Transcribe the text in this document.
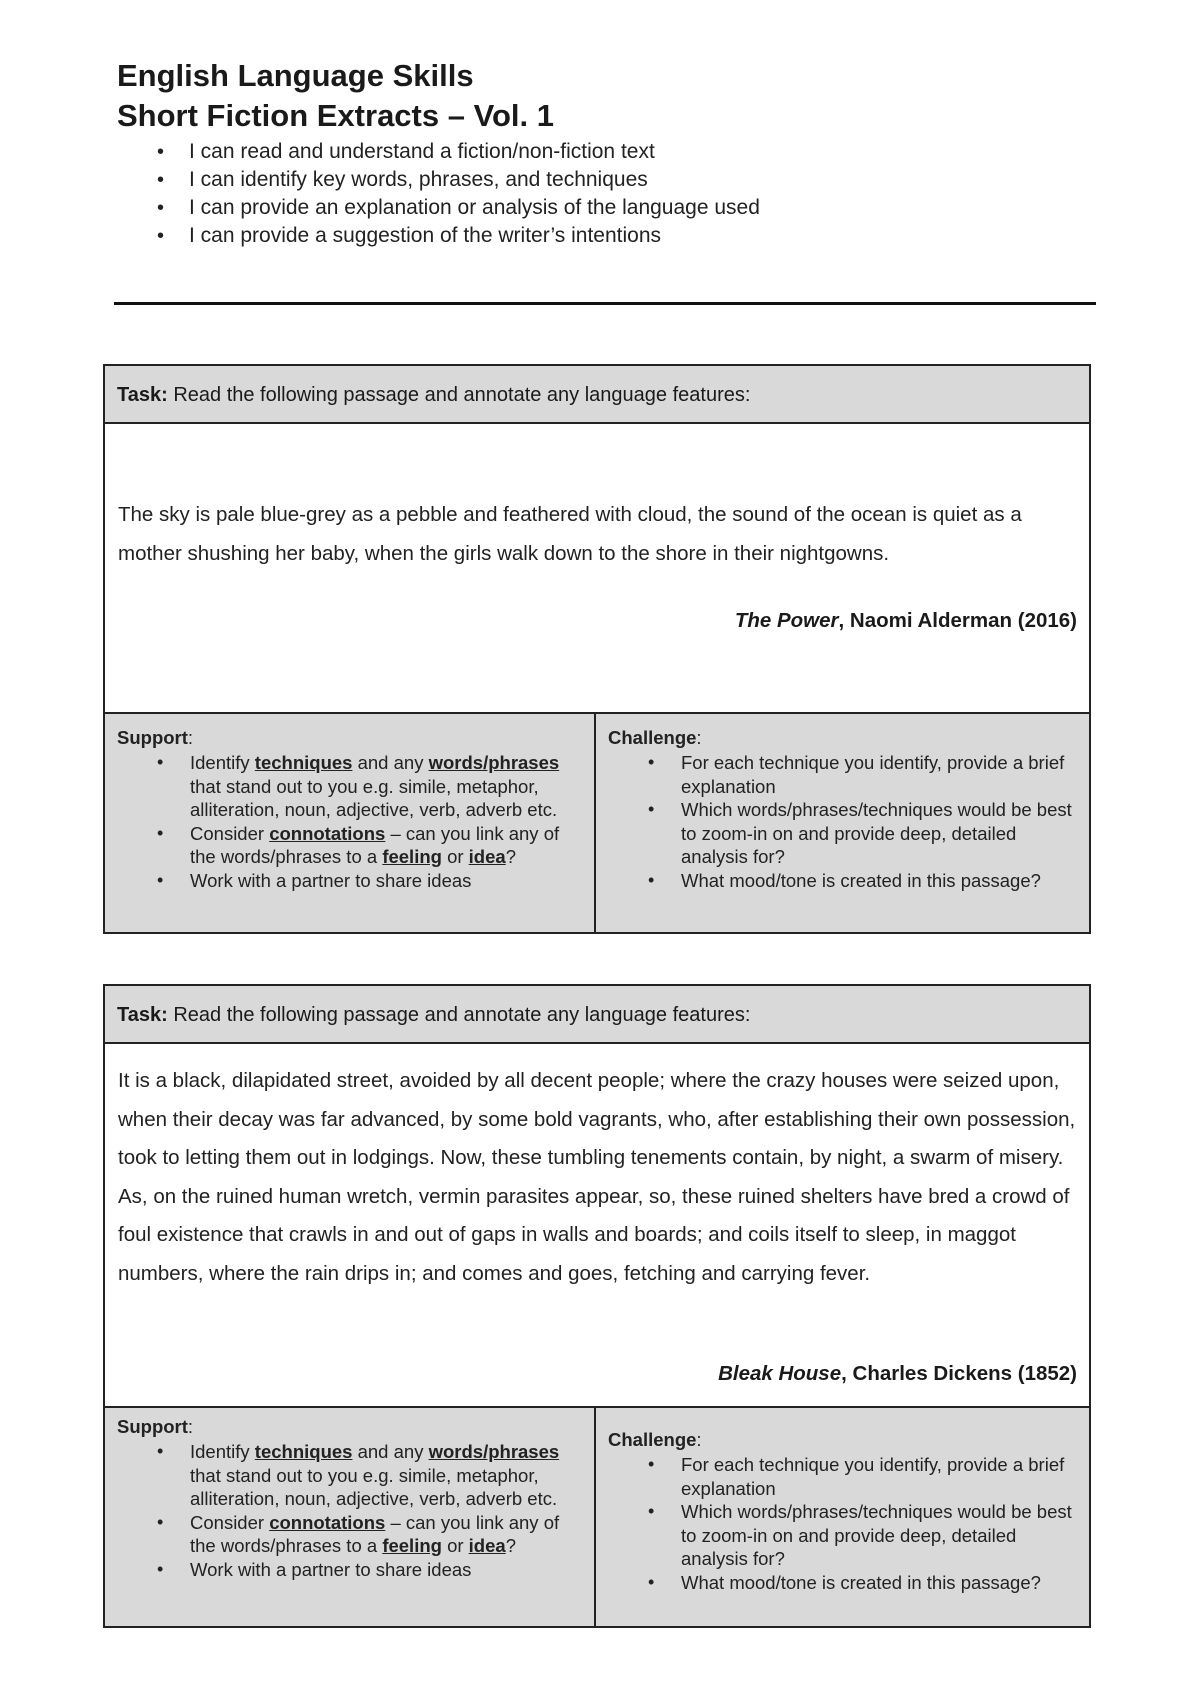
English Language Skills
Short Fiction Extracts – Vol. 1
• I can read and understand a fiction/non-fiction text
• I can identify key words, phrases, and techniques
• I can provide an explanation or analysis of the language used
• I can provide a suggestion of the writer’s intentions
Task: Read the following passage and annotate any language features:

The sky is pale blue-grey as a pebble and feathered with cloud, the sound of the ocean is quiet as a mother shushing her baby, when the girls walk down to the shore in their nightgowns.

The Power, Naomi Alderman (2016)
Support:
• Identify techniques and any words/phrases that stand out to you e.g. simile, metaphor, alliteration, noun, adjective, verb, adverb etc.
• Consider connotations – can you link any of the words/phrases to a feeling or idea?
• Work with a partner to share ideas
Challenge:
• For each technique you identify, provide a brief explanation
• Which words/phrases/techniques would be best to zoom-in on and provide deep, detailed analysis for?
• What mood/tone is created in this passage?
Task: Read the following passage and annotate any language features:

It is a black, dilapidated street, avoided by all decent people; where the crazy houses were seized upon, when their decay was far advanced, by some bold vagrants, who, after establishing their own possession, took to letting them out in lodgings. Now, these tumbling tenements contain, by night, a swarm of misery. As, on the ruined human wretch, vermin parasites appear, so, these ruined shelters have bred a crowd of foul existence that crawls in and out of gaps in walls and boards; and coils itself to sleep, in maggot numbers, where the rain drips in; and comes and goes, fetching and carrying fever.

Bleak House, Charles Dickens (1852)
Support:
• Identify techniques and any words/phrases that stand out to you e.g. simile, metaphor, alliteration, noun, adjective, verb, adverb etc.
• Consider connotations – can you link any of the words/phrases to a feeling or idea?
• Work with a partner to share ideas
Challenge:
• For each technique you identify, provide a brief explanation
• Which words/phrases/techniques would be best to zoom-in on and provide deep, detailed analysis for?
• What mood/tone is created in this passage?
